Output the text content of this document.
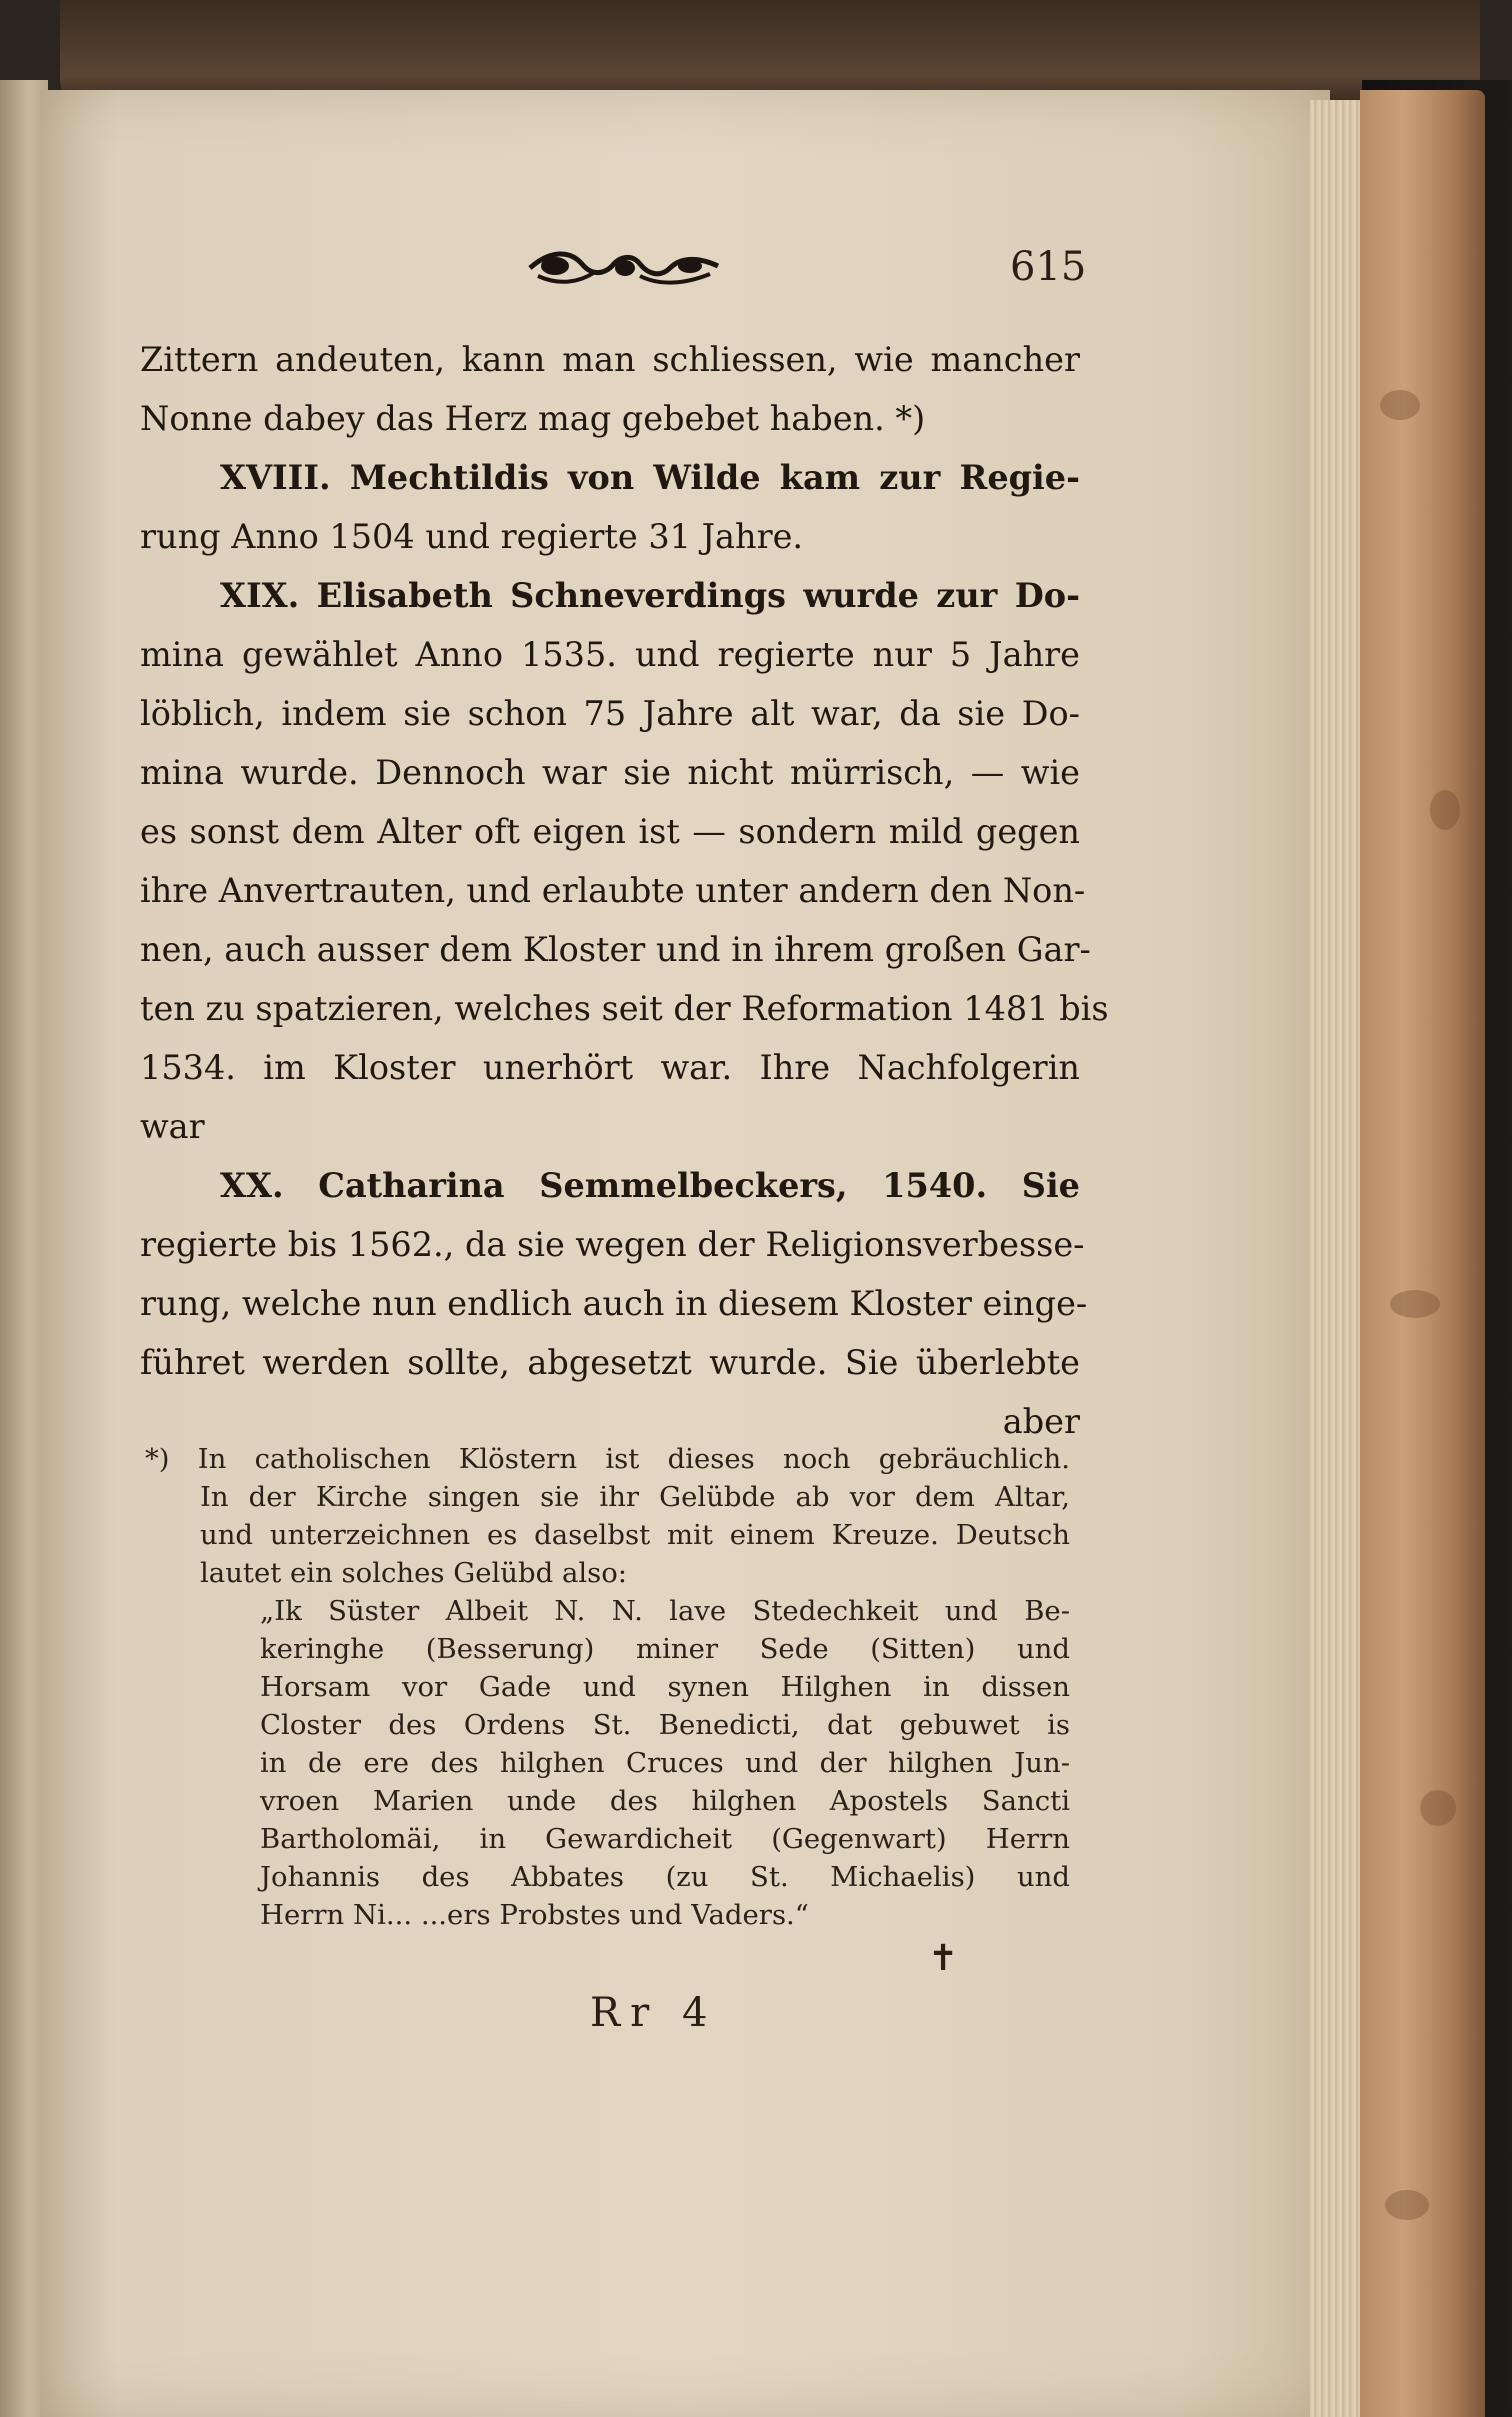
615
Zittern andeuten, kann man schliessen, wie mancher
Nonne dabey das Herz mag gebebet haben. *)
XVIII. Mechtildis von Wilde kam zur Regie-
rung Anno 1504 und regierte 31 Jahre.
XIX. Elisabeth Schneverdings wurde zur Do-
mina gewählet Anno 1535. und regierte nur 5 Jahre
löblich, indem sie schon 75 Jahre alt war, da sie Do-
mina wurde. Dennoch war sie nicht mürrisch, — wie
es sonst dem Alter oft eigen ist — sondern mild gegen
ihre Anvertrauten, und erlaubte unter andern den Non-
nen, auch ausser dem Kloster und in ihrem großen Gar-
ten zu spatzieren, welches seit der Reformation 1481 bis
1534. im Kloster unerhört war. Ihre Nachfolgerin
war
XX. Catharina Semmelbeckers, 1540. Sie
regierte bis 1562., da sie wegen der Religionsverbesse-
rung, welche nun endlich auch in diesem Kloster einge-
führet werden sollte, abgesetzt wurde. Sie überlebte
aber
*) In catholischen Klöstern ist dieses noch gebräuchlich.
In der Kirche singen sie ihr Gelübde ab vor dem Altar,
und unterzeichnen es daselbst mit einem Kreuze. Deutsch
lautet ein solches Gelübd also:
„Ik Süster Albeit N. N. lave Stedechkeit und Be-
keringhe (Besserung) miner Sede (Sitten) und
Horsam vor Gade und synen Hilghen in dissen
Closter des Ordens St. Benedicti, dat gebuwet is
in de ere des hilghen Cruces und der hilghen Jun-
vroen Marien unde des hilghen Apostels Sancti
Bartholomäi, in Gewardicheit (Gegenwart) Herrn
Johannis des Abbates (zu St. Michaelis) und
Herrn Ni... ...ers Probstes und Vaders.“
✝
Rr 4
